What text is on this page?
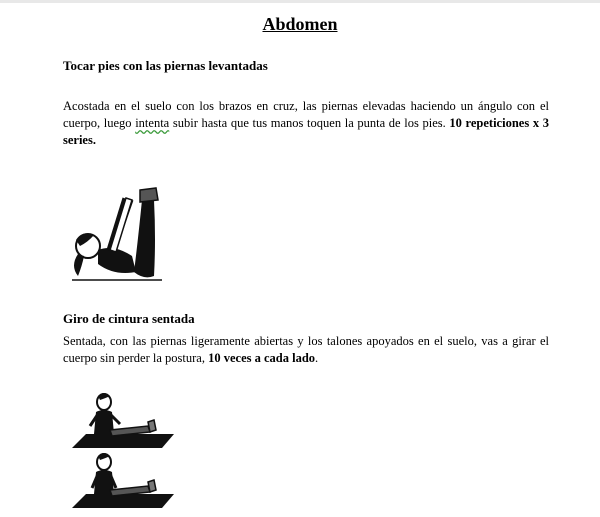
Abdomen
Tocar pies con las piernas levantadas
Acostada en el suelo con los brazos en cruz, las piernas elevadas haciendo un ángulo con el cuerpo, luego intenta subir hasta que tus manos toquen la punta de los pies. 10 repeticiones x 3 series.
Giro de cintura sentada
Sentada, con las piernas ligeramente abiertas y los talones apoyados en el suelo, vas a girar el cuerpo sin perder la postura, 10 veces a cada lado.
